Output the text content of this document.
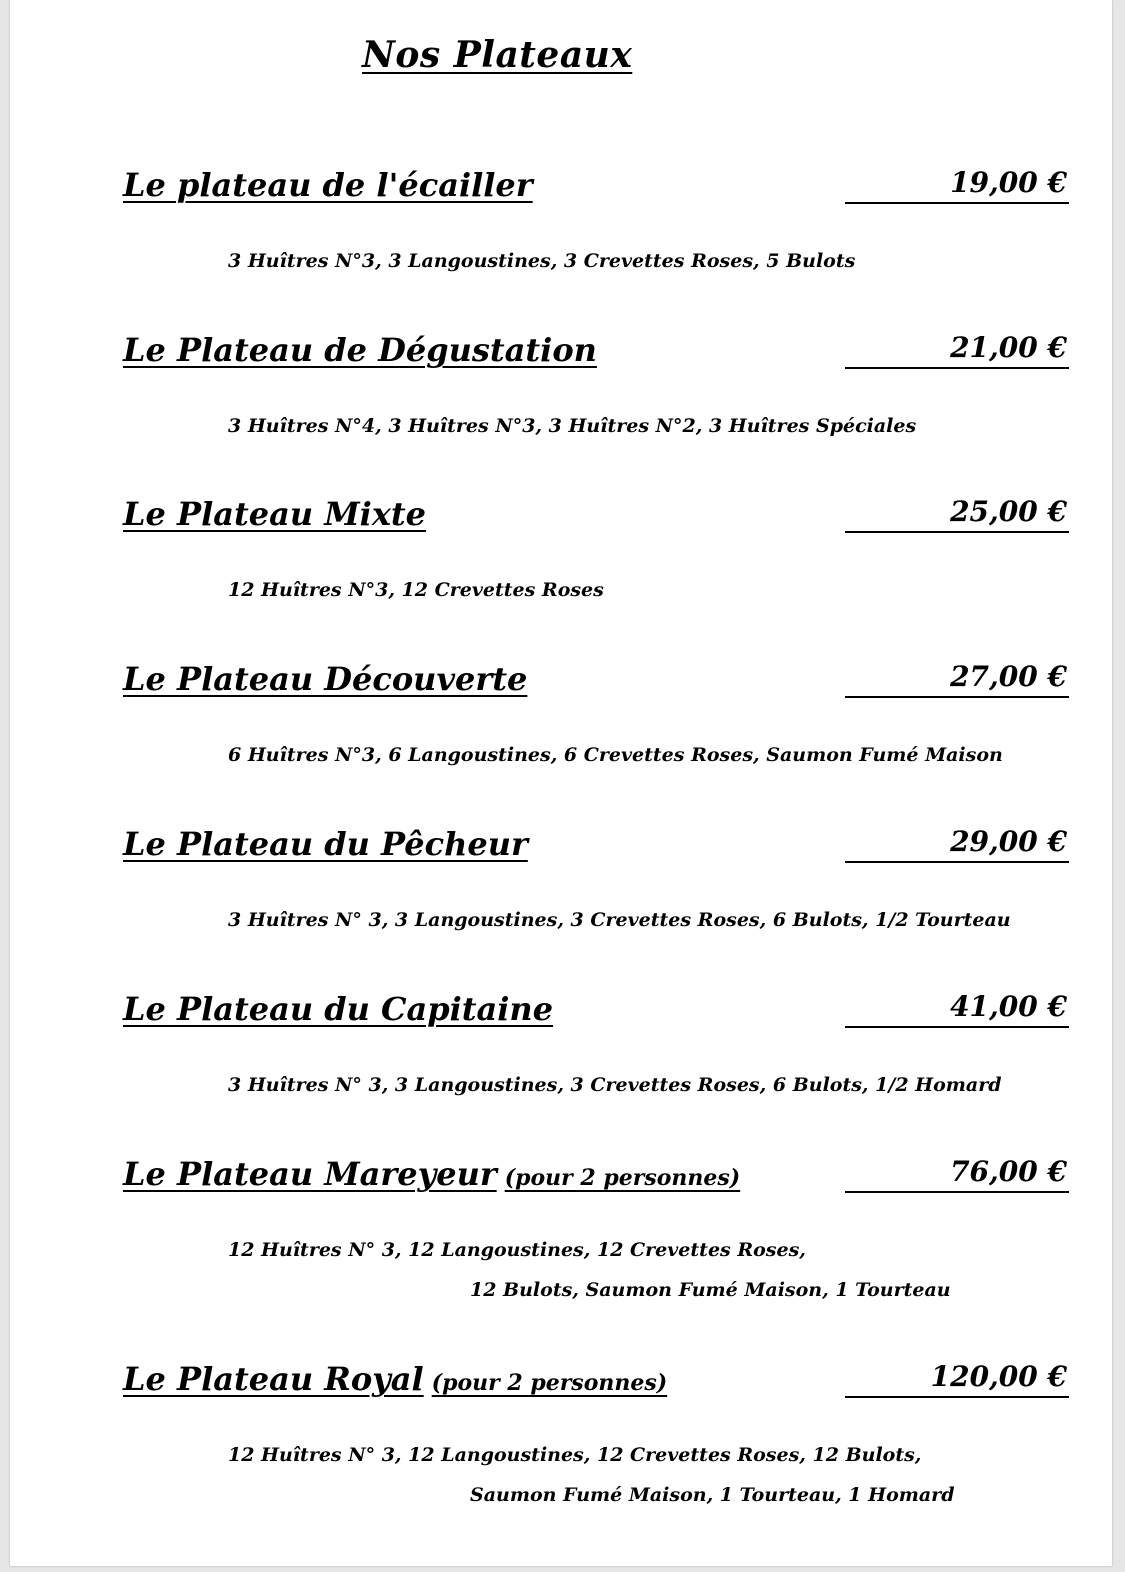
Nos Plateaux
Le plateau de l'écailler	19,00 €
3 Huîtres N°3, 3 Langoustines, 3 Crevettes Roses, 5 Bulots
Le Plateau de Dégustation	21,00 €
3 Huîtres N°4, 3 Huîtres N°3, 3 Huîtres N°2, 3 Huîtres Spéciales
Le Plateau Mixte	25,00 €
12 Huîtres N°3, 12 Crevettes Roses
Le Plateau Découverte	27,00 €
6 Huîtres N°3, 6 Langoustines, 6 Crevettes Roses, Saumon Fumé Maison
Le Plateau du Pêcheur	29,00 €
3 Huîtres N° 3, 3 Langoustines, 3 Crevettes Roses, 6 Bulots, 1/2 Tourteau
Le Plateau du Capitaine	41,00 €
3 Huîtres N° 3, 3 Langoustines, 3 Crevettes Roses, 6 Bulots, 1/2 Homard
Le Plateau Mareyeur (pour 2 personnes)	76,00 €
12 Huîtres N° 3, 12 Langoustines, 12 Crevettes Roses,
12 Bulots, Saumon Fumé Maison, 1 Tourteau
Le Plateau Royal (pour 2 personnes)	120,00 €
12 Huîtres N° 3, 12 Langoustines, 12 Crevettes Roses, 12 Bulots,
Saumon Fumé Maison, 1 Tourteau, 1 Homard
